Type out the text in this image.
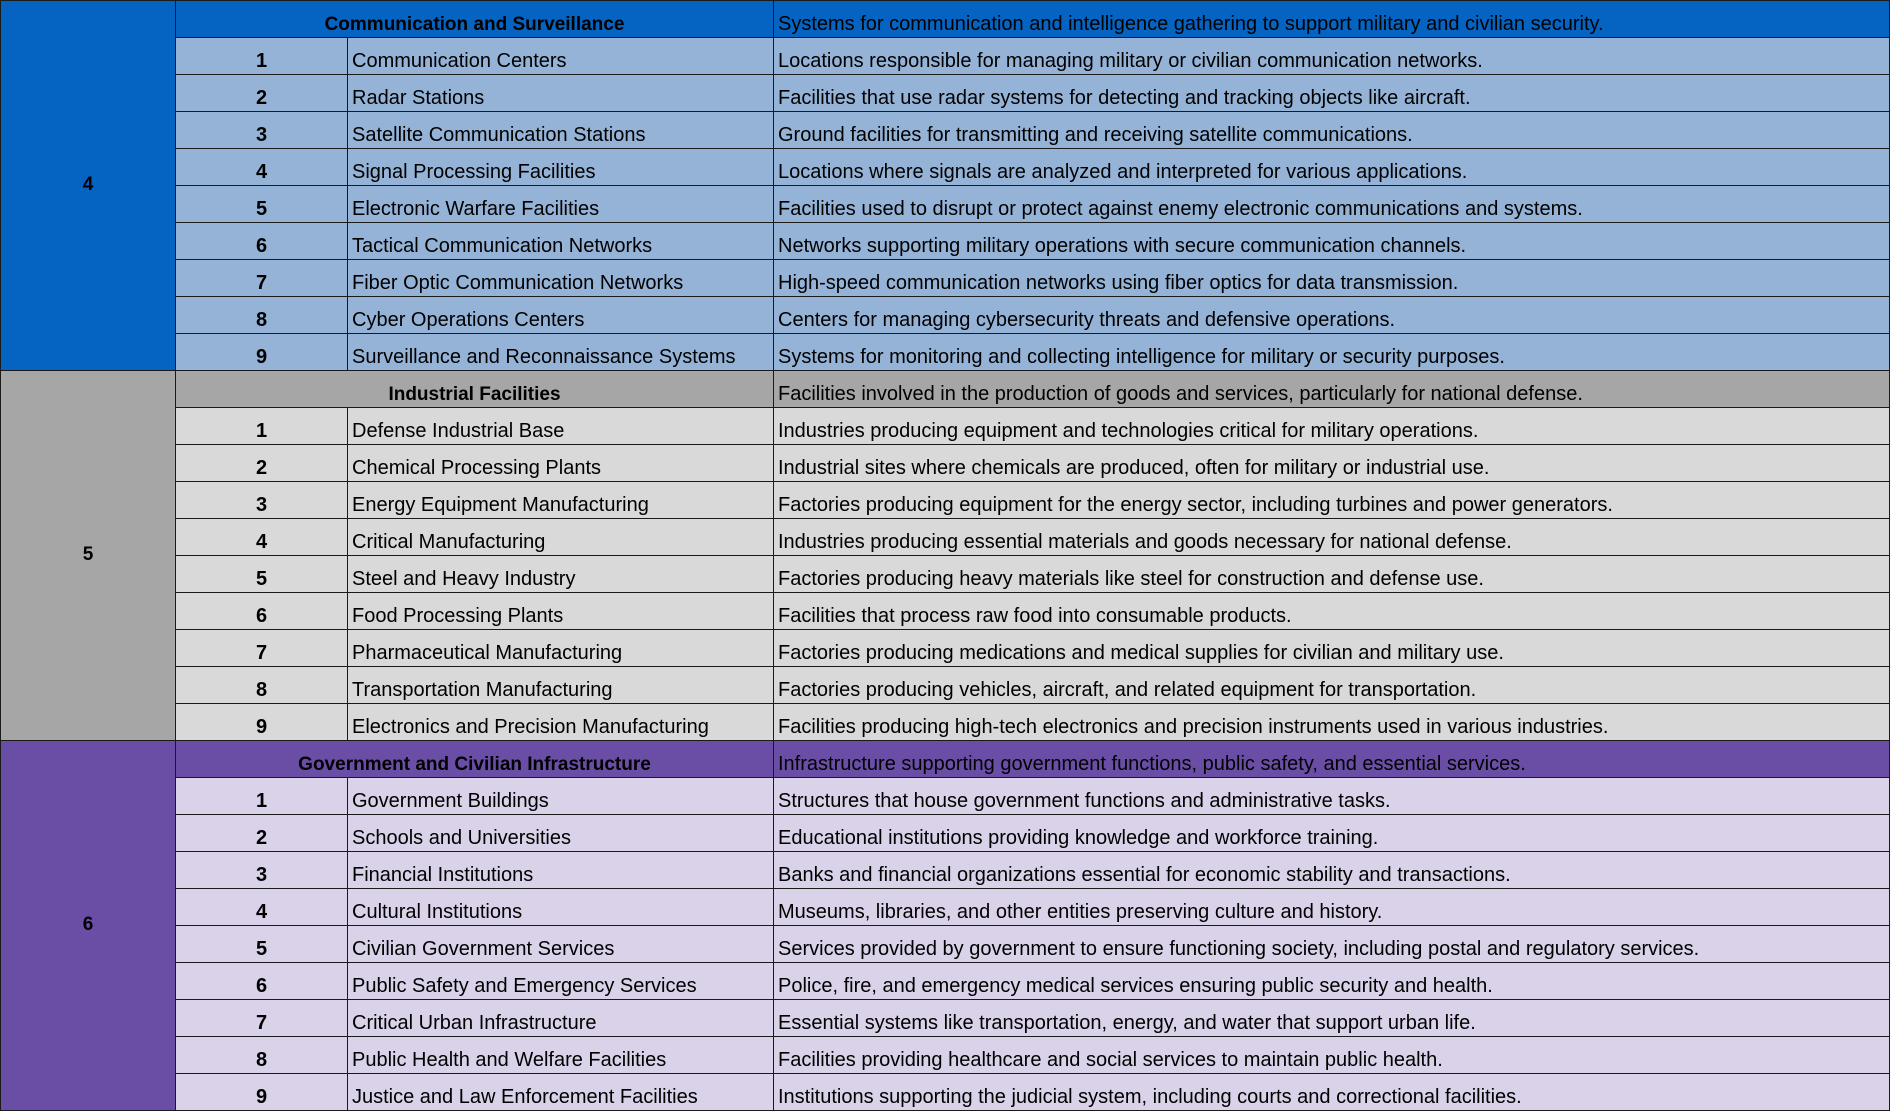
4	Communication and Surveillance		Systems for communication and intelligence gathering to support military and civilian security.
	1	Communication Centers	Locations responsible for managing military or civilian communication networks.
	2	Radar Stations	Facilities that use radar systems for detecting and tracking objects like aircraft.
	3	Satellite Communication Stations	Ground facilities for transmitting and receiving satellite communications.
	4	Signal Processing Facilities	Locations where signals are analyzed and interpreted for various applications.
	5	Electronic Warfare Facilities	Facilities used to disrupt or protect against enemy electronic communications and systems.
	6	Tactical Communication Networks	Networks supporting military operations with secure communication channels.
	7	Fiber Optic Communication Networks	High-speed communication networks using fiber optics for data transmission.
	8	Cyber Operations Centers	Centers for managing cybersecurity threats and defensive operations.
	9	Surveillance and Reconnaissance Systems	Systems for monitoring and collecting intelligence for military or security purposes.
5	Industrial Facilities		Facilities involved in the production of goods and services, particularly for national defense.
	1	Defense Industrial Base	Industries producing equipment and technologies critical for military operations.
	2	Chemical Processing Plants	Industrial sites where chemicals are produced, often for military or industrial use.
	3	Energy Equipment Manufacturing	Factories producing equipment for the energy sector, including turbines and power generators.
	4	Critical Manufacturing	Industries producing essential materials and goods necessary for national defense.
	5	Steel and Heavy Industry	Factories producing heavy materials like steel for construction and defense use.
	6	Food Processing Plants	Facilities that process raw food into consumable products.
	7	Pharmaceutical Manufacturing	Factories producing medications and medical supplies for civilian and military use.
	8	Transportation Manufacturing	Factories producing vehicles, aircraft, and related equipment for transportation.
	9	Electronics and Precision Manufacturing	Facilities producing high-tech electronics and precision instruments used in various industries.
6	Government and Civilian Infrastructure		Infrastructure supporting government functions, public safety, and essential services.
	1	Government Buildings	Structures that house government functions and administrative tasks.
	2	Schools and Universities	Educational institutions providing knowledge and workforce training.
	3	Financial Institutions	Banks and financial organizations essential for economic stability and transactions.
	4	Cultural Institutions	Museums, libraries, and other entities preserving culture and history.
	5	Civilian Government Services	Services provided by government to ensure functioning society, including postal and regulatory services.
	6	Public Safety and Emergency Services	Police, fire, and emergency medical services ensuring public security and health.
	7	Critical Urban Infrastructure	Essential systems like transportation, energy, and water that support urban life.
	8	Public Health and Welfare Facilities	Facilities providing healthcare and social services to maintain public health.
	9	Justice and Law Enforcement Facilities	Institutions supporting the judicial system, including courts and correctional facilities.
